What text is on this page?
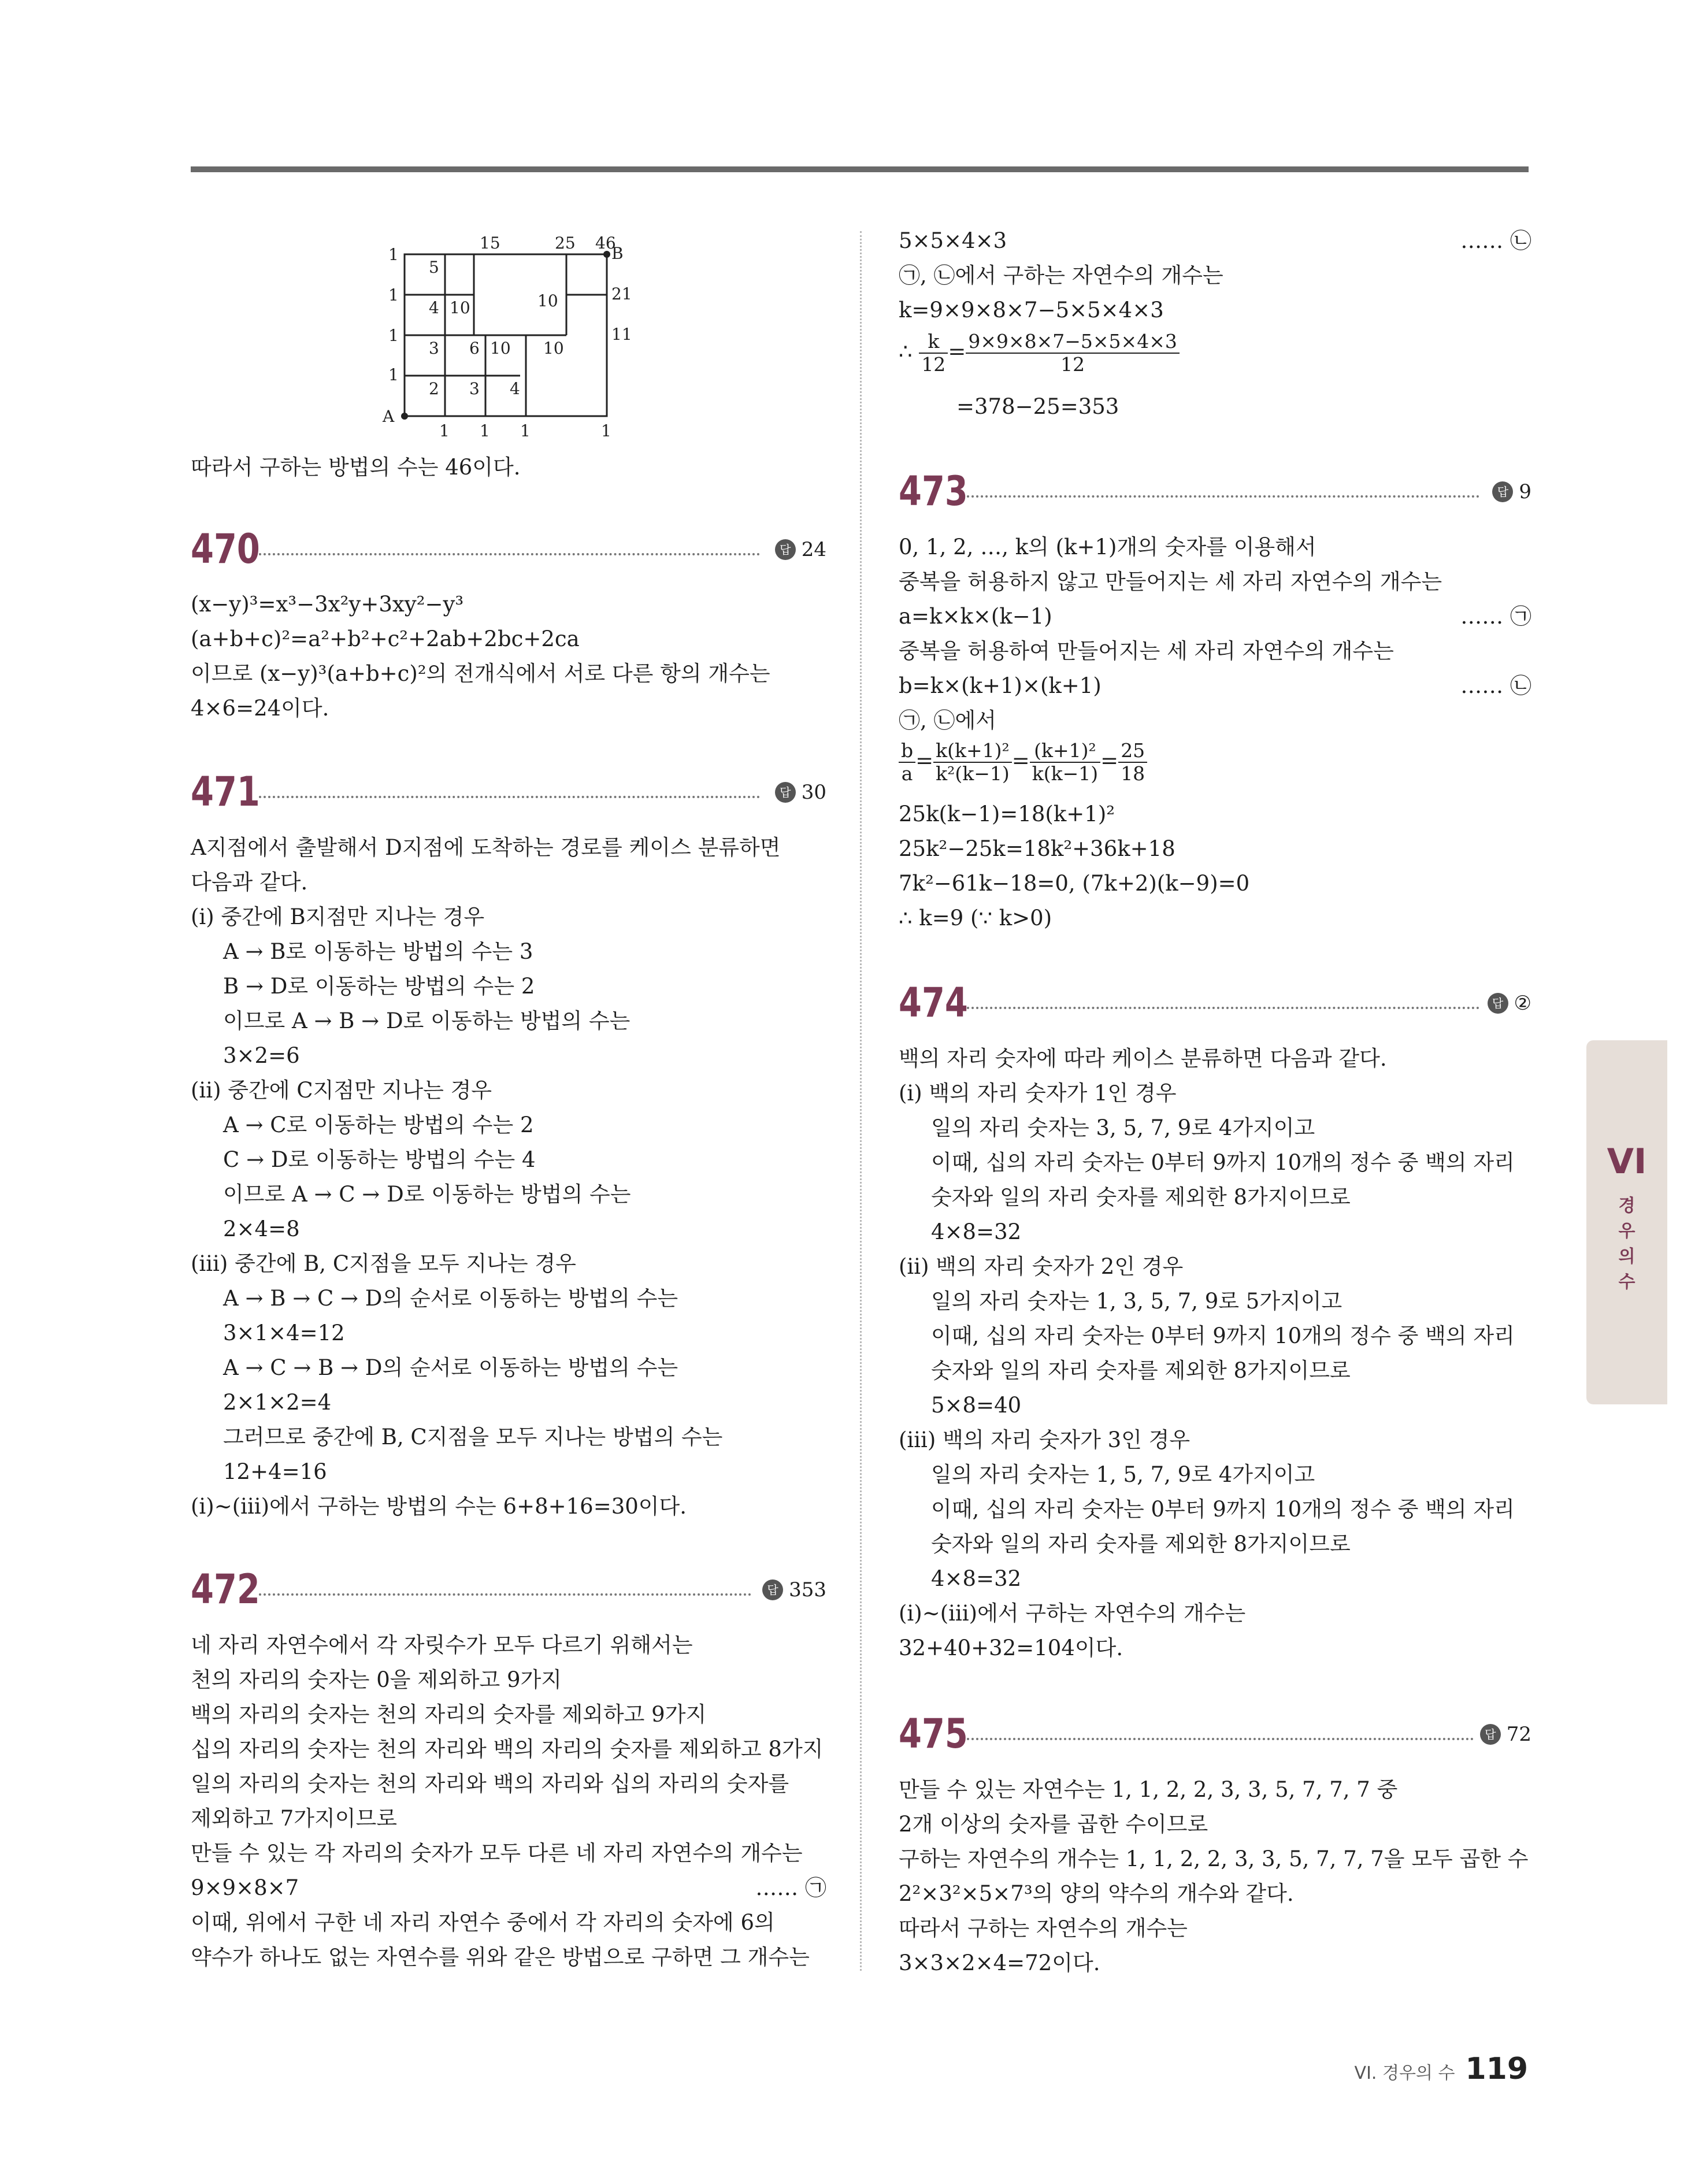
15	25 46
B
1
1
1
1
A
1 1 1	1
21
11
5
4 10	10
3 6 10 10
2 3 4
따라서 구하는 방법의 수는 46이다.
470	답 24
(x−y)³=x³−3x²y+3xy²−y³
(a+b+c)²=a²+b²+c²+2ab+2bc+2ca
이므로 (x−y)³(a+b+c)²의 전개식에서 서로 다른 항의 개수는
4×6=24이다.
471	답 30
A지점에서 출발해서 D지점에 도착하는 경로를 케이스 분류하면
다음과 같다.
(ⅰ) 중간에 B지점만 지나는 경우
A → B로 이동하는 방법의 수는 3
B → D로 이동하는 방법의 수는 2
이므로 A → B → D로 이동하는 방법의 수는
3×2=6
(ⅱ) 중간에 C지점만 지나는 경우
A → C로 이동하는 방법의 수는 2
C → D로 이동하는 방법의 수는 4
이므로 A → C → D로 이동하는 방법의 수는
2×4=8
(ⅲ) 중간에 B, C지점을 모두 지나는 경우
A → B → C → D의 순서로 이동하는 방법의 수는
3×1×4=12
A → C → B → D의 순서로 이동하는 방법의 수는
2×1×2=4
그러므로 중간에 B, C지점을 모두 지나는 방법의 수는
12+4=16
(ⅰ)~(ⅲ)에서 구하는 방법의 수는 6+8+16=30이다.
472	답 353
네 자리 자연수에서 각 자릿수가 모두 다르기 위해서는
천의 자리의 숫자는 0을 제외하고 9가지
백의 자리의 숫자는 천의 자리의 숫자를 제외하고 9가지
십의 자리의 숫자는 천의 자리와 백의 자리의 숫자를 제외하고 8가지
일의 자리의 숫자는 천의 자리와 백의 자리와 십의 자리의 숫자를
제외하고 7가지이므로
만들 수 있는 각 자리의 숫자가 모두 다른 네 자리 자연수의 개수는
9×9×8×7	…… ㉠
이때, 위에서 구한 네 자리 자연수 중에서 각 자리의 숫자에 6의
약수가 하나도 없는 자연수를 위와 같은 방법으로 구하면 그 개수는
5×5×4×3	…… ㉡
㉠, ㉡에서 구하는 자연수의 개수는
k=9×9×8×7−5×5×4×3
∴ $\frac{k}{12} = \frac{9\times 9\times 8\times 7-5\times 5\times 4\times 3}{12}$
=378−25=353
473	답 9
0, 1, 2, …, k의 (k+1)개의 숫자를 이용해서
중복을 허용하지 않고 만들어지는 세 자리 자연수의 개수는
a=k×k×(k−1)	…… ㉠
중복을 허용하여 만들어지는 세 자리 자연수의 개수는
b=k×(k+1)×(k+1)	…… ㉡
㉠, ㉡에서
$\frac{b}{a} = \frac{\text{k(k+1)²}}{\text{k²(k−1)}} = \frac{\text{(k+1)²}}{k(k-1)} = \frac{25}{18}$
25k(k−1)=18(k+1)²
25k²−25k=18k²+36k+18
7k²−61k−18=0, (7k+2)(k−9)=0
∴ k=9 (∵ k>0)
474	답 ②
백의 자리 숫자에 따라 케이스 분류하면 다음과 같다.
(ⅰ) 백의 자리 숫자가 1인 경우
일의 자리 숫자는 3, 5, 7, 9로 4가지이고
이때, 십의 자리 숫자는 0부터 9까지 10개의 정수 중 백의 자리
숫자와 일의 자리 숫자를 제외한 8가지이므로
4×8=32
(ⅱ) 백의 자리 숫자가 2인 경우
일의 자리 숫자는 1, 3, 5, 7, 9로 5가지이고
이때, 십의 자리 숫자는 0부터 9까지 10개의 정수 중 백의 자리
숫자와 일의 자리 숫자를 제외한 8가지이므로
5×8=40
(ⅲ) 백의 자리 숫자가 3인 경우
일의 자리 숫자는 1, 5, 7, 9로 4가지이고
이때, 십의 자리 숫자는 0부터 9까지 10개의 정수 중 백의 자리
숫자와 일의 자리 숫자를 제외한 8가지이므로
4×8=32
(ⅰ)~(ⅲ)에서 구하는 자연수의 개수는
32+40+32=104이다.
475	답 72
만들 수 있는 자연수는 1, 1, 2, 2, 3, 3, 5, 7, 7, 7 중
2개 이상의 숫자를 곱한 수이므로
구하는 자연수의 개수는 1, 1, 2, 2, 3, 3, 5, 7, 7, 7을 모두 곱한 수
2²×3²×5×7³의 양의 약수의 개수와 같다.
따라서 구하는 자연수의 개수는
3×3×2×4=72이다.
VI
경
우
의
수
VI. 경우의 수 119
